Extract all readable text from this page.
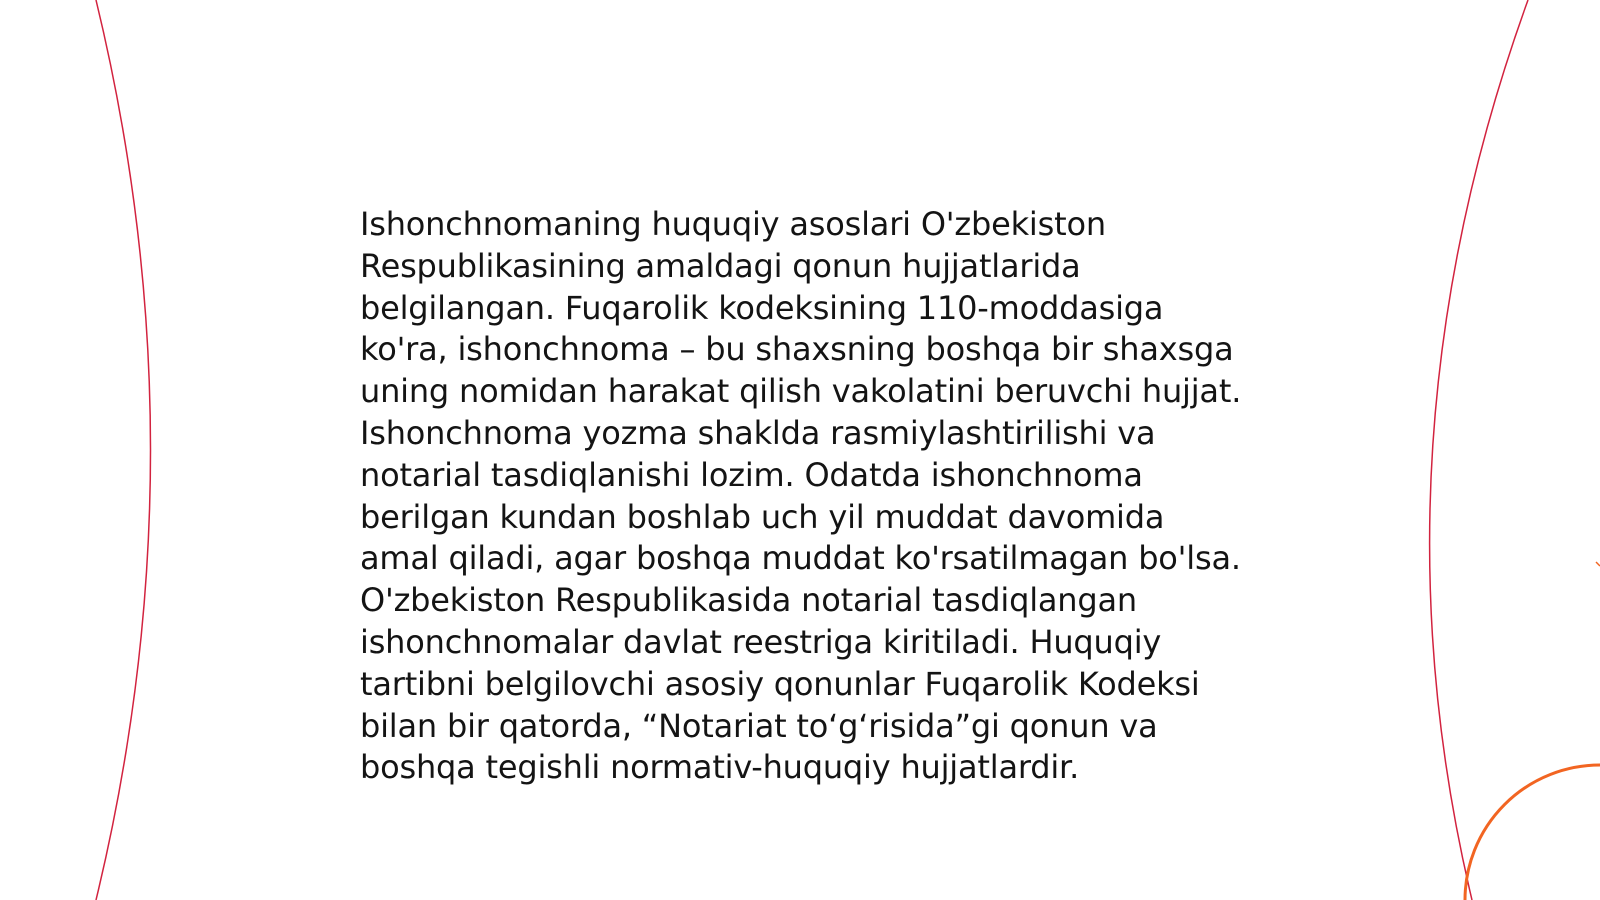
Ishonchnomaning huquqiy asoslari O'zbekiston Respublikasining amaldagi qonun hujjatlarida belgilangan. Fuqarolik kodeksining 110-moddasiga ko'ra, ishonchnoma – bu shaxsning boshqa bir shaxsga uning nomidan harakat qilish vakolatini beruvchi hujjat. Ishonchnoma yozma shaklda rasmiylashtirilishi va notarial tasdiqlanishi lozim. Odatda ishonchnoma berilgan kundan boshlab uch yil muddat davomida amal qiladi, agar boshqa muddat ko'rsatilmagan bo'lsa. O'zbekiston Respublikasida notarial tasdiqlangan ishonchnomalar davlat reestriga kiritiladi. Huquqiy tartibni belgilovchi asosiy qonunlar Fuqarolik Kodeksi bilan bir qatorda, “Notariat to‘g‘risida”gi qonun va boshqa tegishli normativ-huquqiy hujjatlardir.
